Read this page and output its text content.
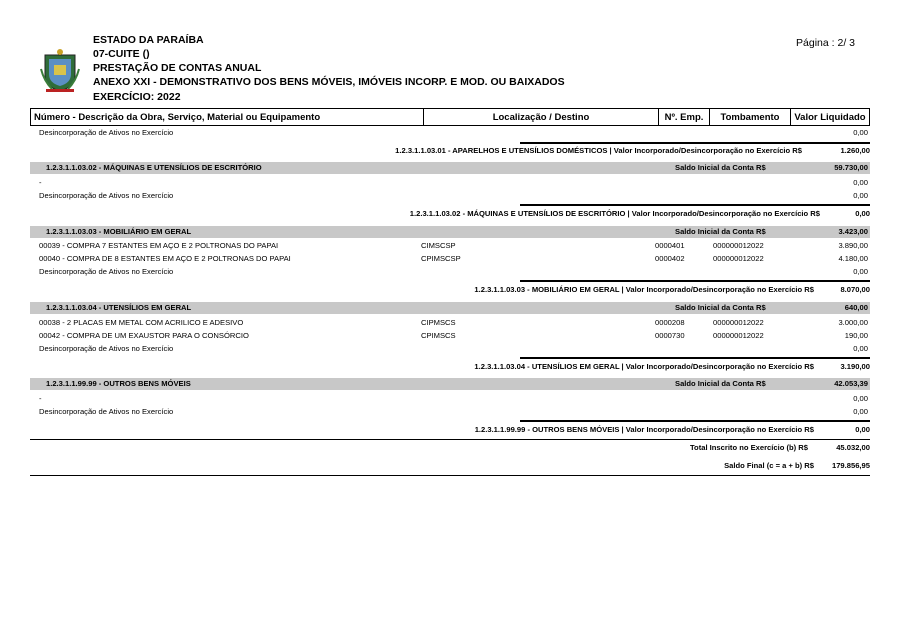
ESTADO DA PARAÍBA
07-CUITE ()
PRESTAÇÃO DE CONTAS ANUAL
ANEXO XXI - DEMONSTRATIVO DOS BENS MÓVEIS, IMÓVEIS INCORP. E MOD. OU BAIXADOS
EXERCÍCIO: 2022
Página : 2/ 3
Número - Descrição da Obra, Serviço, Material ou Equipamento	Localização / Destino	Nº. Emp.	Tombamento	Valor Liquidado
Desincorporação de Ativos no Exercício	0,00
1.2.3.1.1.03.01 - APARELHOS E UTENSÍLIOS DOMÉSTICOS | Valor Incorporado/Desincorporação no Exercício R$	1.260,00
1.2.3.1.1.03.02 - MÁQUINAS E UTENSÍLIOS DE ESCRITÓRIO	Saldo Inicial da Conta R$	59.730,00
-	0,00
Desincorporação de Ativos no Exercício	0,00
1.2.3.1.1.03.02 - MÁQUINAS E UTENSÍLIOS DE ESCRITÓRIO | Valor Incorporado/Desincorporação no Exercício R$	0,00
1.2.3.1.1.03.03 - MOBILIÁRIO EM GERAL	Saldo Inicial da Conta R$	3.423,00
00039 - COMPRA 7 ESTANTES EM AÇO E 2 POLTRONAS DO PAPAI	CIMSCSP	0000401	000000012022	3.890,00
00040 - COMPRA DE 8 ESTANTES EM AÇO E 2 POLTRONAS DO PAPAI	CPIMSCSP	0000402	000000012022	4.180,00
Desincorporação de Ativos no Exercício	0,00
1.2.3.1.1.03.03 - MOBILIÁRIO EM GERAL | Valor Incorporado/Desincorporação no Exercício R$	8.070,00
1.2.3.1.1.03.04 - UTENSÍLIOS EM GERAL	Saldo Inicial da Conta R$	640,00
00038 - 2 PLACAS EM METAL COM ACRILICO E ADESIVO	CIPMSCS	0000208	000000012022	3.000,00
00042 - COMPRA DE UM EXAUSTOR PARA O CONSÓRCIO	CPIMSCS	0000730	000000012022	190,00
Desincorporação de Ativos no Exercício	0,00
1.2.3.1.1.03.04 - UTENSÍLIOS EM GERAL | Valor Incorporado/Desincorporação no Exercício R$	3.190,00
1.2.3.1.1.99.99 - OUTROS BENS MÓVEIS	Saldo Inicial da Conta R$	42.053,39
-	0,00
Desincorporação de Ativos no Exercício	0,00
1.2.3.1.1.99.99 - OUTROS BENS MÓVEIS | Valor Incorporado/Desincorporação no Exercício R$	0,00
Total Inscrito no Exercício (b) R$	45.032,00
Saldo Final (c = a + b) R$ 179.856,95
